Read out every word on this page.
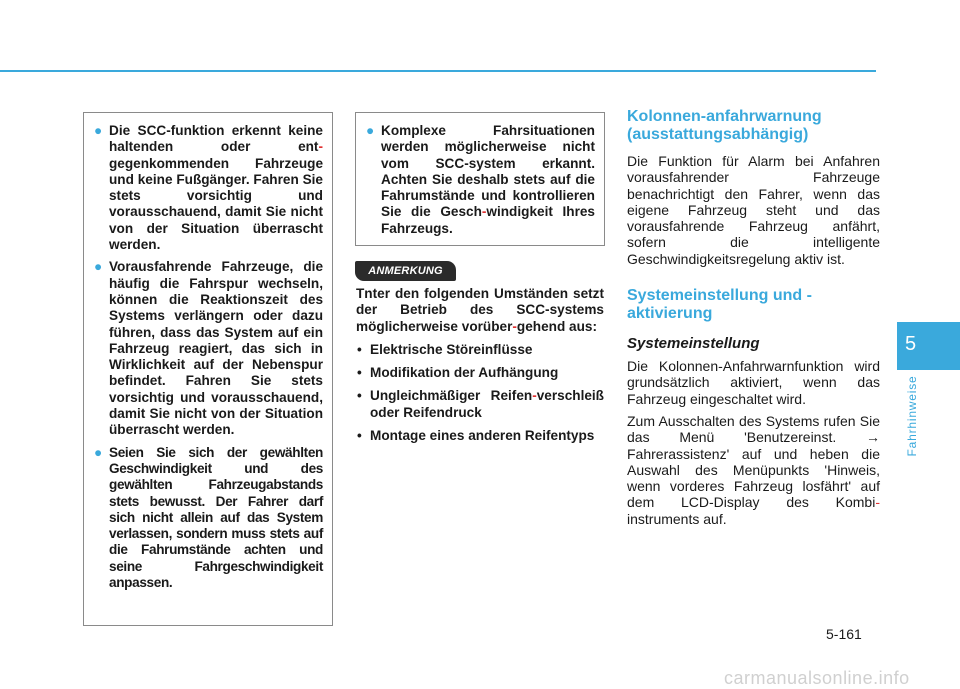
● Die SCC-funktion erkennt keine haltenden oder ent-gegenkommenden Fahrzeuge und keine Fußgänger. Fahren Sie stets vorsichtig und vorausschauend, damit Sie nicht von der Situation überrascht werden.
● Vorausfahrende Fahrzeuge, die häufig die Fahrspur wechseln, können die Reaktionszeit des Systems verlängern oder dazu führen, dass das System auf ein Fahrzeug reagiert, das sich in Wirklichkeit auf der Nebenspur befindet. Fahren Sie stets vorsichtig und vorausschauend, damit Sie nicht von der Situation überrascht werden.
● Seien Sie sich der gewählten Geschwindigkeit und des gewählten Fahrzeugabstands stets bewusst. Der Fahrer darf sich nicht allein auf das System verlassen, sondern muss stets auf die Fahrumstände achten und seine Fahrgeschwindigkeit anpassen.
● Komplexe Fahrsituationen werden möglicherweise nicht vom SCC-system erkannt. Achten Sie deshalb stets auf die Fahrumstände und kontrollieren Sie die Gesch-windigkeit Ihres Fahrzeugs.
ANMERKUNG

Tnter den folgenden Umständen setzt der Betrieb des SCC-systems möglicherweise vorüber-gehend aus:

• Elektrische Störeinflüsse
• Modifikation der Aufhängung
• Ungleichmäßiger Reifen-verschleiß oder Reifendruck
• Montage eines anderen Reifentyps
Kolonnen-anfahrwarnung (ausstattungsabhängig)

Die Funktion für Alarm bei Anfahren vorausfahrender Fahrzeuge benachrichtigt den Fahrer, wenn das eigene Fahrzeug steht und das vorausfahrende Fahrzeug anfährt, sofern die intelligente Geschwindigkeitsregelung aktiv ist.

Systemeinstellung und - aktivierung
Systemeinstellung

Die Kolonnen-Anfahrwarnfunktion wird grundsätzlich aktiviert, wenn das Fahrzeug eingeschaltet wird.

Zum Ausschalten des Systems rufen Sie das Menü 'Benutzereinst. → Fahrerassistenz' auf und heben die Auswahl des Menüpunkts 'Hinweis, wenn vorderes Fahrzeug losfährt' auf dem LCD-Display des Kombi-instruments auf.

5
Fahrhinweise
5-161
carmanualsonline.info
